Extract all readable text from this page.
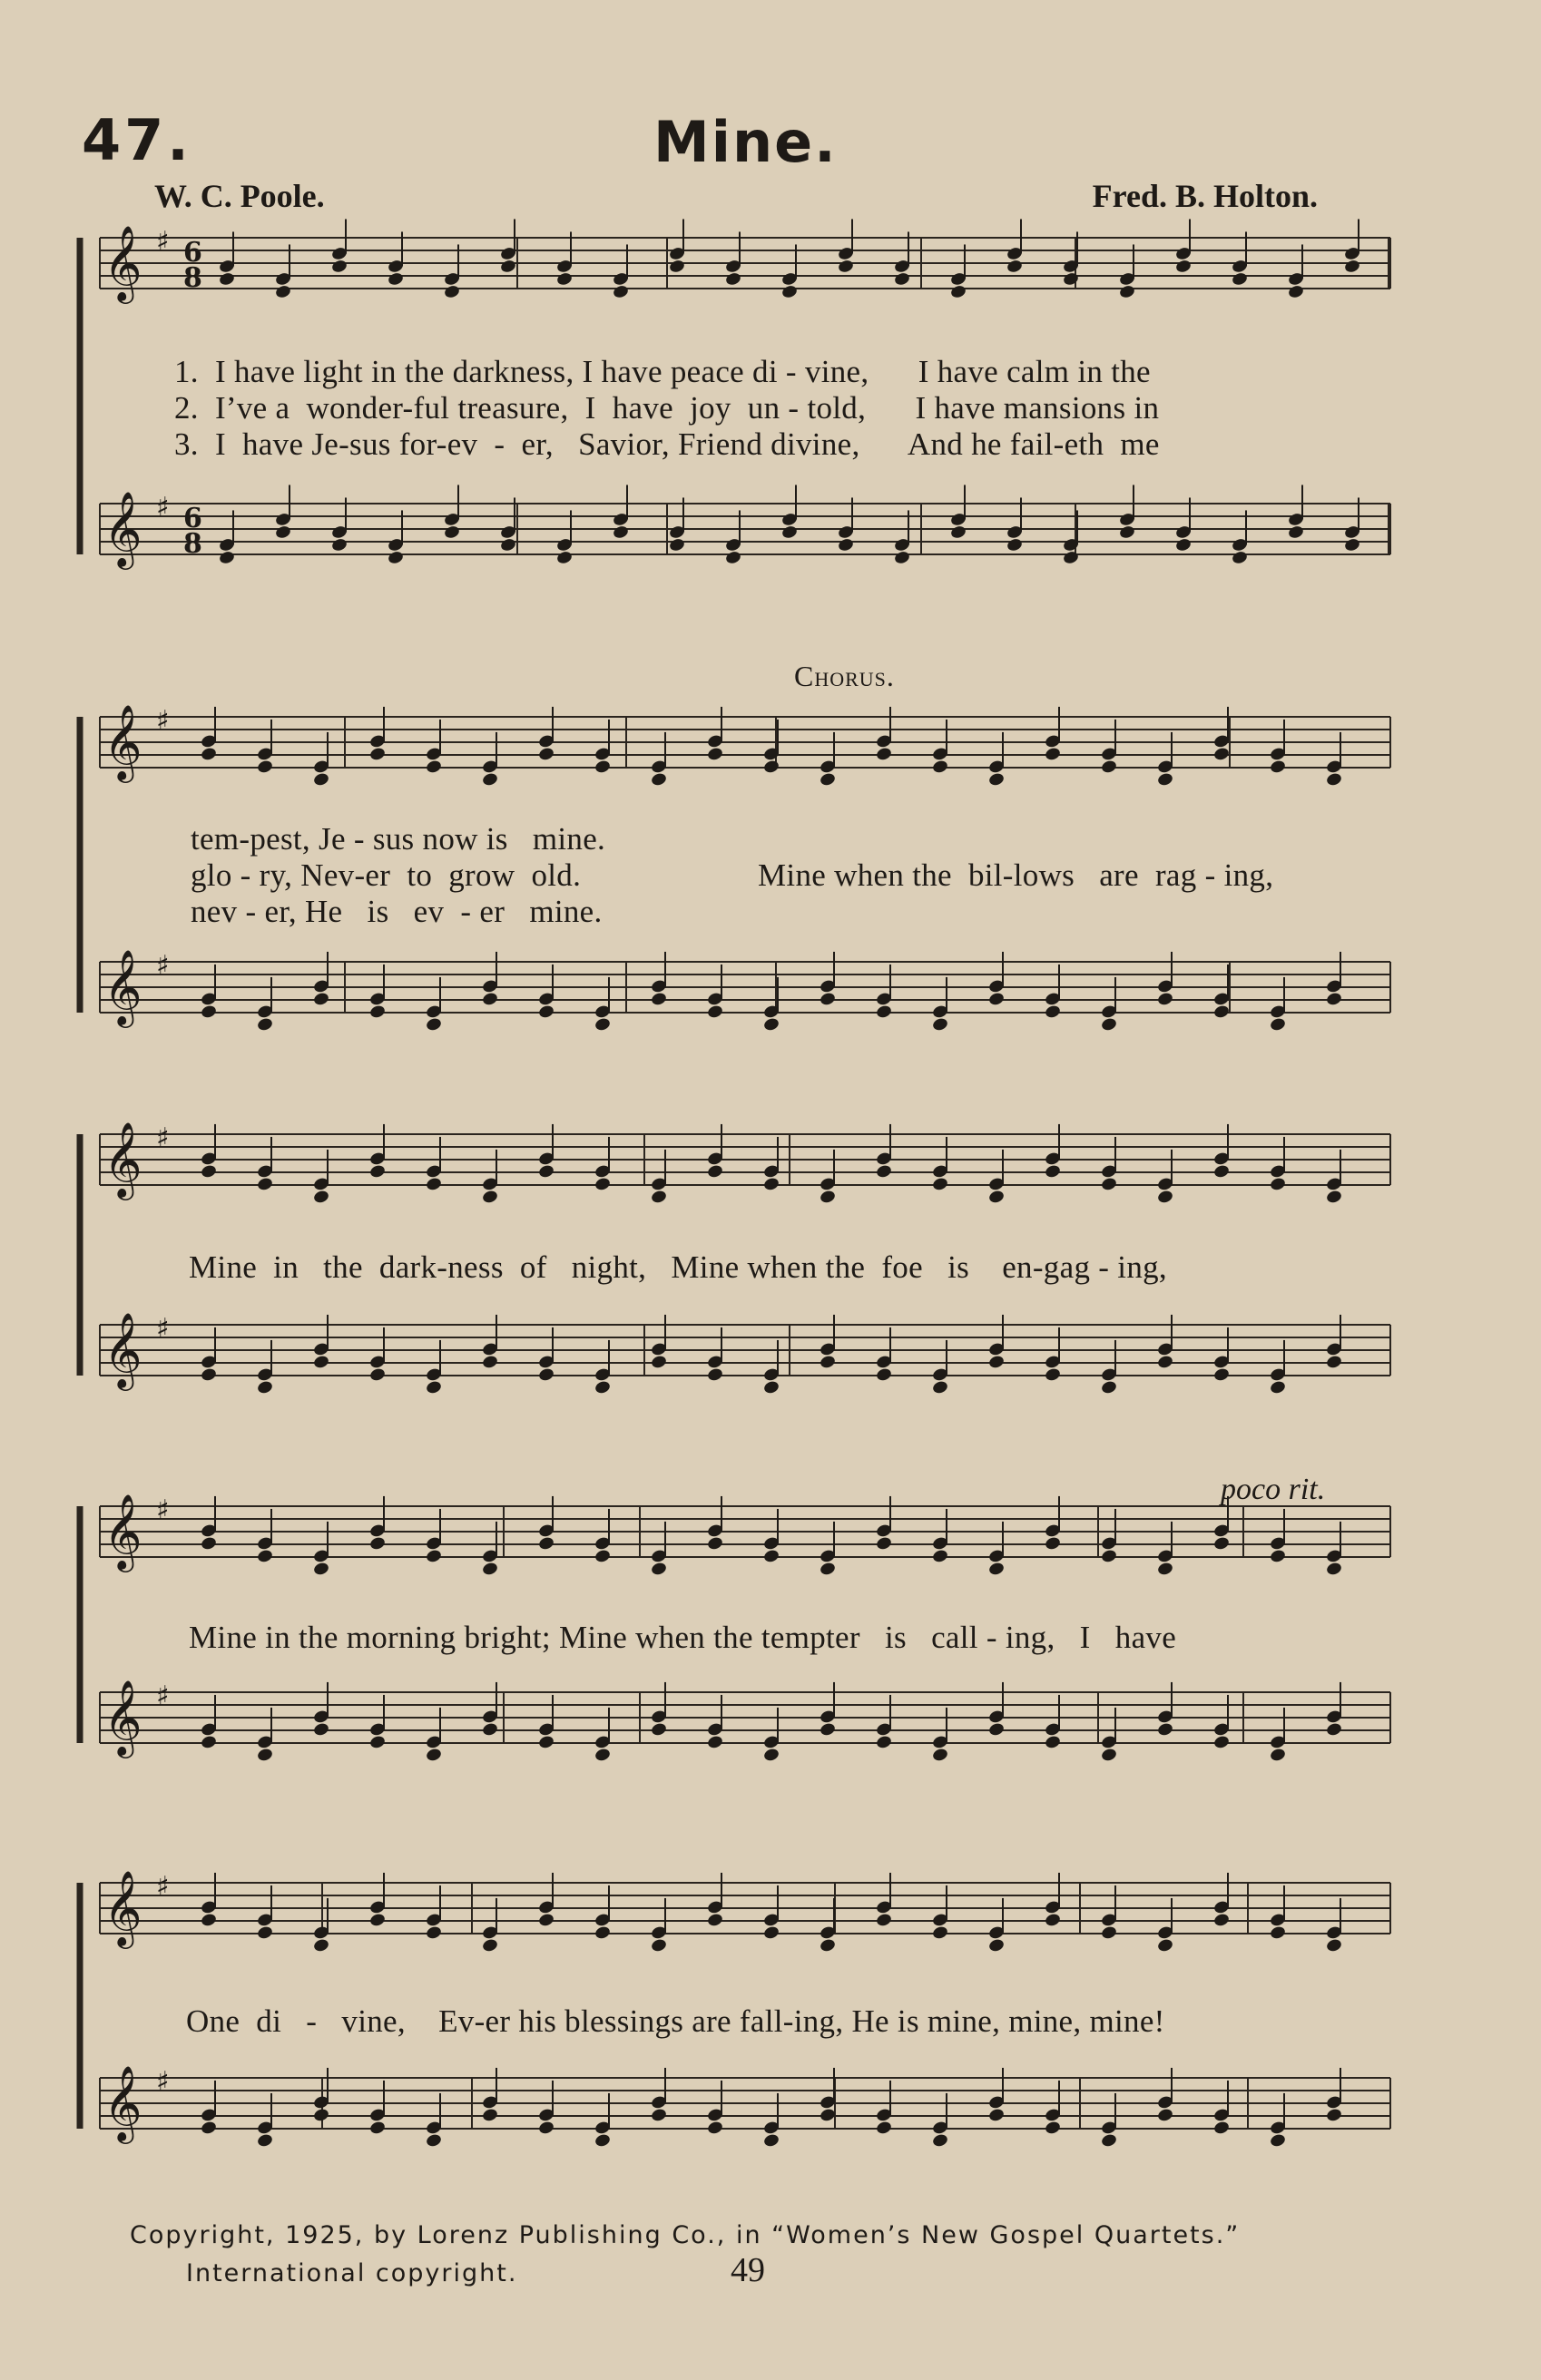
47.	Mine.
W. C. Poole.	Fred. B. Holton.
𝄞 ♯
𝄞 ♯
𝄞 ♯
𝄞 ♯
𝄞 ♯
𝄞 ♯
𝄞 ♯
𝄞 ♯
𝄞 ♯
𝄞 ♯
6
8
6
8
1.  I have light in the darkness, I have peace di - vine,      I have calm in the
2.  I’ve a  wonder-ful treasure,  I  have  joy  un - told,      I have mansions in
3.  I  have Je-sus for-ev  -  er,   Savior, Friend divine,      And he fail-eth  me
Chorus.
tem-pest, Je - sus now is   mine.
glo - ry, Nev-er  to  grow  old.
nev - er, He   is   ev  - er   mine.
Mine when the  bil-lows   are  rag - ing,
Mine  in   the  dark-ness  of   night,   Mine when the  foe   is    en-gag - ing,
poco rit.
Mine in the morning bright; Mine when the tempter   is   call - ing,   I   have
One  di   -   vine,    Ev-er his blessings are fall-ing, He is mine, mine, mine!
Copyright, 1925, by Lorenz Publishing Co., in “Women’s New Gospel Quartets.”
International copyright.	49
